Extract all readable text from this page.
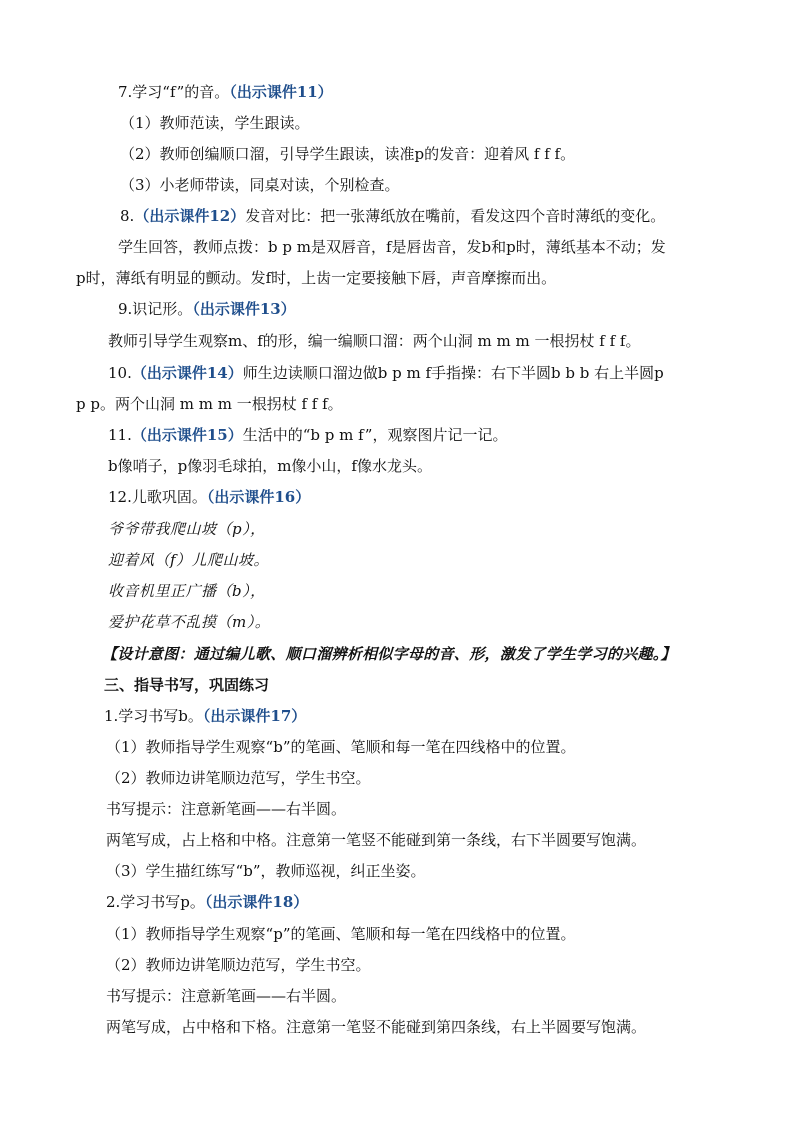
7.学习“f”的音。（出示课件11）
（1）教师范读，学生跟读。
（2）教师创编顺口溜，引导学生跟读，读准p的发音：迎着风 f f f。
（3）小老师带读，同桌对读，个别检查。
8.（出示课件12）发音对比：把一张薄纸放在嘴前，看发这四个音时薄纸的变化。
学生回答，教师点拨：b p m是双唇音，f是唇齿音，发b和p时，薄纸基本不动；发
p时，薄纸有明显的颤动。发f时，上齿一定要接触下唇，声音摩擦而出。
9.识记形。（出示课件13）
教师引导学生观察m、f的形，编一编顺口溜：两个山洞 m m m 一根拐杖 f f f。
10.（出示课件14）师生边读顺口溜边做b p m f手指操：右下半圆b b b 右上半圆p
p p。两个山洞 m m m 一根拐杖 f f f。
11.（出示课件15）生活中的“b p m f”，观察图片记一记。
b像哨子，p像羽毛球拍，m像小山，f像水龙头。
12.儿歌巩固。（出示课件16）
爷爷带我爬山坡（p），
迎着风（f）儿爬山坡。
收音机里正广播（b），
爱护花草不乱摸（m）。
【设计意图：通过编儿歌、顺口溜辨析相似字母的音、形，激发了学生学习的兴趣。】
三、指导书写，巩固练习
1.学习书写b。（出示课件17）
（1）教师指导学生观察“b”的笔画、笔顺和每一笔在四线格中的位置。
（2）教师边讲笔顺边范写，学生书空。
书写提示：注意新笔画——右半圆。
两笔写成，占上格和中格。注意第一笔竖不能碰到第一条线，右下半圆要写饱满。
（3）学生描红练写“b”，教师巡视，纠正坐姿。
2.学习书写p。（出示课件18）
（1）教师指导学生观察“p”的笔画、笔顺和每一笔在四线格中的位置。
（2）教师边讲笔顺边范写，学生书空。
书写提示：注意新笔画——右半圆。
两笔写成，占中格和下格。注意第一笔竖不能碰到第四条线，右上半圆要写饱满。
